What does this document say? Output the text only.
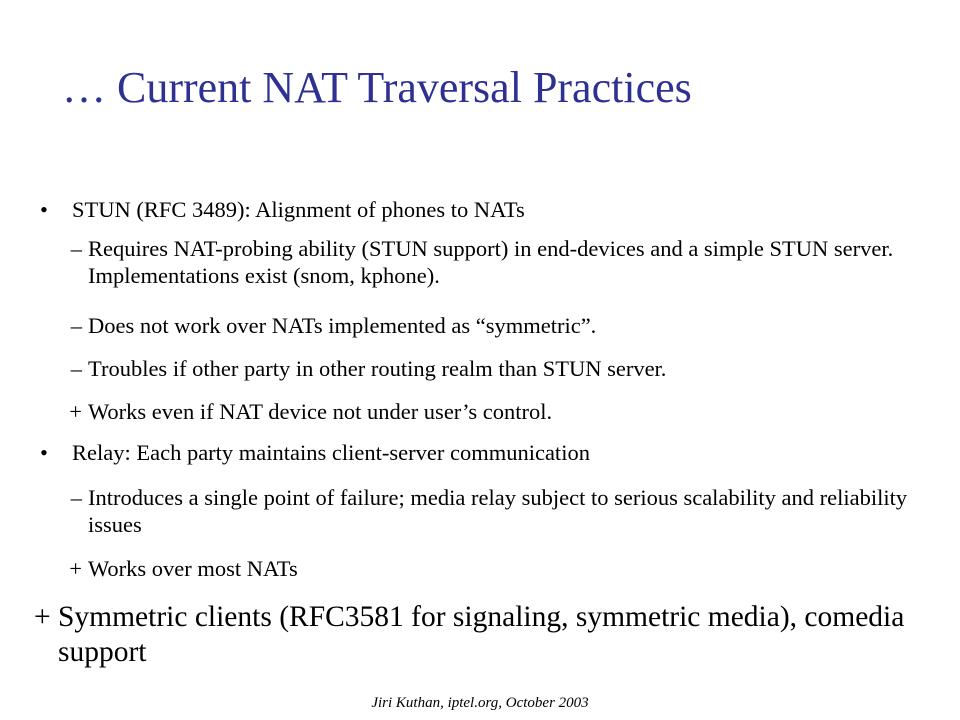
… Current NAT Traversal Practices
•	STUN (RFC 3489): Alignment of phones to NATs
– Requires NAT-probing ability (STUN support) in end-devices and a simple STUN server. Implementations exist (snom, kphone).
– Does not work over NATs implemented as “symmetric”.
– Troubles if other party in other routing realm than STUN server.
+ Works even if NAT device not under user’s control.
•	Relay: Each party maintains client-server communication
– Introduces a single point of failure; media relay subject to serious scalability and reliability issues
+ Works over most NATs
+ Symmetric clients (RFC3581 for signaling, symmetric media), comedia support
Jiri Kuthan, iptel.org, October 2003
